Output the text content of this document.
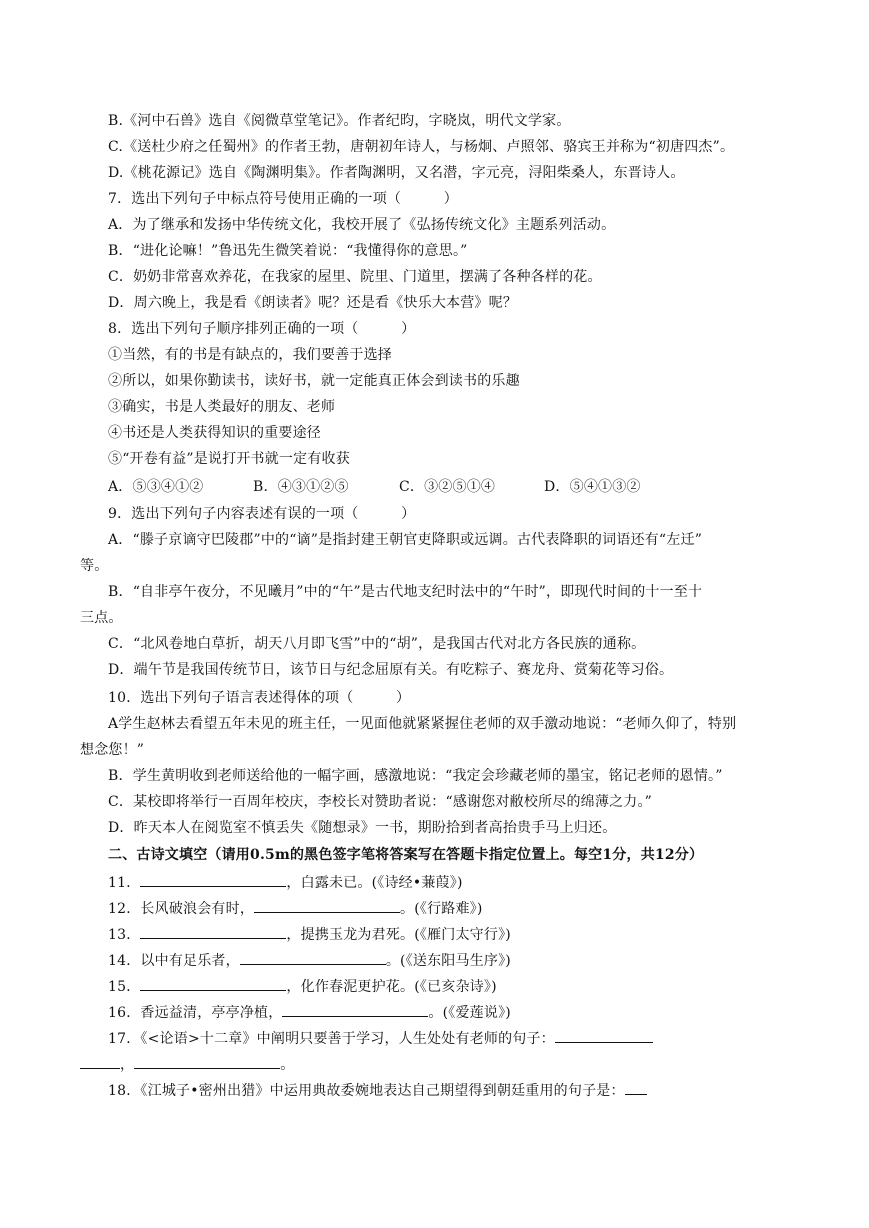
B.《河中石兽》选自《阅微草堂笔记》。作者纪昀，字晓岚，明代文学家。
C.《送杜少府之任蜀州》的作者王勃，唐朝初年诗人，与杨炯、卢照邻、骆宾王并称为“初唐四杰”。
D.《桃花源记》选自《陶渊明集》。作者陶渊明，又名潜，字元亮，浔阳柴桑人，东晋诗人。
7．选出下列句子中标点符号使用正确的一项（　　　）
A．为了继承和发扬中华传统文化，我校开展了《弘扬传统文化》主题系列活动。
B．“进化论嘛！”鲁迅先生微笑着说：“我懂得你的意思。”
C．奶奶非常喜欢养花，在我家的屋里、院里、门道里，摆满了各种各样的花。
D．周六晚上，我是看《朗读者》呢？还是看《快乐大本营》呢？
8．选出下列句子顺序排列正确的一项（　　　）
①当然，有的书是有缺点的，我们要善于选择
②所以，如果你勤读书，读好书，就一定能真正体会到读书的乐趣
③确实，书是人类最好的朋友、老师
④书还是人类获得知识的重要途径
⑤“开卷有益”是说打开书就一定有收获
A．⑤③④①②	B．④③①②⑤	C．③②⑤①④	D．⑤④①③②
9．选出下列句子内容表述有误的一项（　　　）
A．“滕子京谪守巴陵郡”中的“谪”是指封建王朝官吏降职或远调。古代表降职的词语还有“左迁”
等。
B．“自非亭午夜分，不见曦月”中的“午”是古代地支纪时法中的“午时”，即现代时间的十一至十
三点。
C．“北风卷地白草折，胡天八月即飞雪”中的“胡”，是我国古代对北方各民族的通称。
D．端午节是我国传统节日，该节日与纪念屈原有关。有吃粽子、赛龙舟、赏菊花等习俗。
10．选出下列句子语言表述得体的项（　　　）
A学生赵林去看望五年未见的班主任，一见面他就紧紧握住老师的双手激动地说：“老师久仰了，特别
想念您！”
B．学生黄明收到老师送给他的一幅字画，感激地说：“我定会珍藏老师的墨宝，铭记老师的恩情。”
C．某校即将举行一百周年校庆，李校长对赞助者说：“感谢您对敝校所尽的绵薄之力。”
D．昨天本人在阅览室不慎丢失《随想录》一书，期盼拾到者高抬贵手马上归还。
二、古诗文填空（请用0.5m的黑色签字笔将答案写在答题卡指定位置上。每空1分，共12分）
11．	，白露未已。(《诗经•蒹葭》)
12．长风破浪会有时，	。(《行路难》)
13．	，提携玉龙为君死。(《雁门太守行》)
14．以中有足乐者，	。(《送东阳马生序》)
15．	，化作春泥更护花。(《已亥杂诗》)
16．香远益清，亭亭净植，	。(《爱莲说》)
17．《<论语>十二章》中阐明只要善于学习，人生处处有老师的句子：
，	。
18．《江城子•密州出猎》中运用典故委婉地表达自己期望得到朝廷重用的句子是：
